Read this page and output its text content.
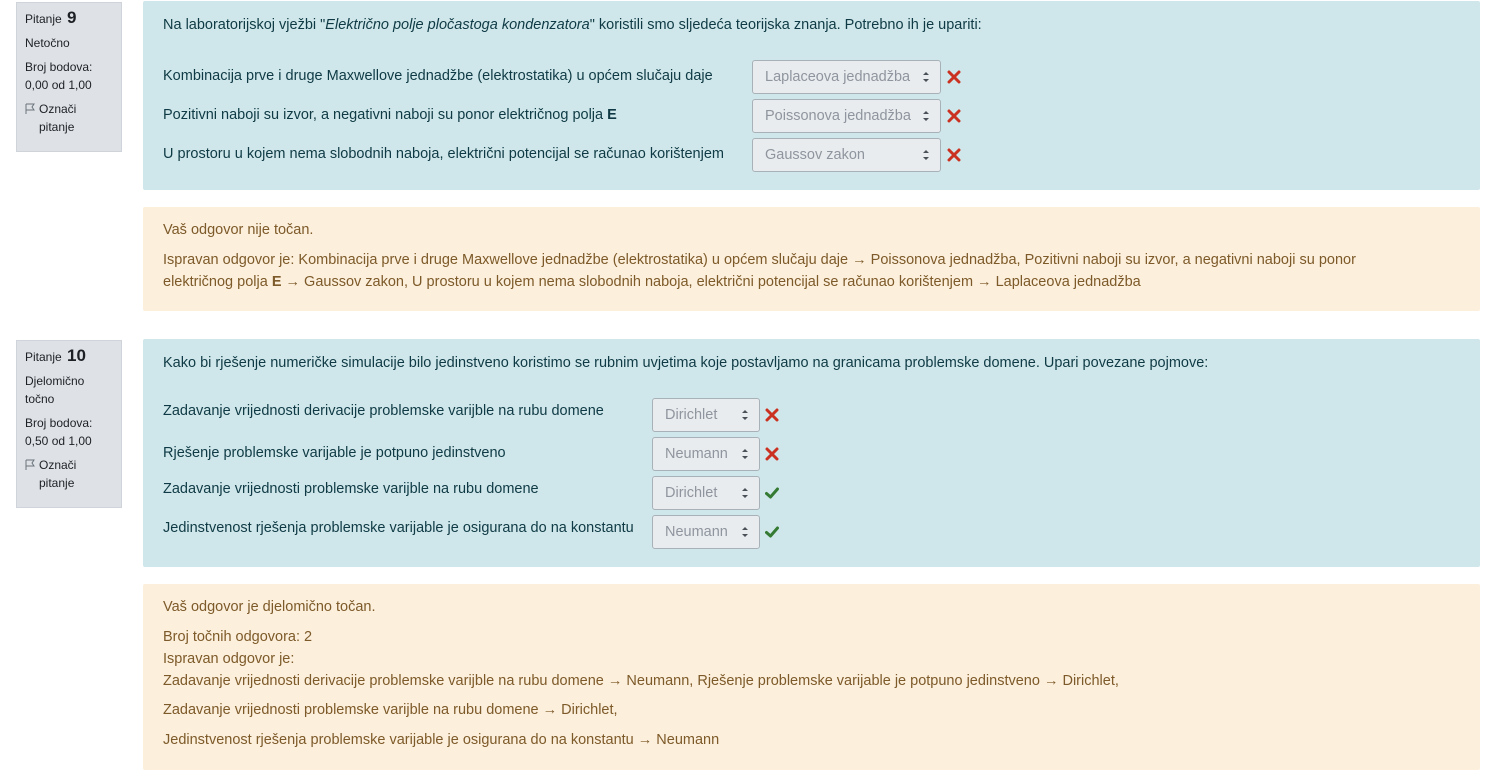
Pitanje 9
Netočno
Broj bodova:
0,00 od 1,00
Označi
pitanje
Na laboratorijskoj vježbi "Električno polje pločastoga kondenzatora" koristili smo sljedeća teorijska znanja. Potrebno ih je upariti:
Kombinacija prve i druge Maxwellove jednadžbe (elektrostatika) u općem slučaju daje	Laplaceova jednadžba
Pozitivni naboji su izvor, a negativni naboji su ponor električnog polja E	Poissonova jednadžba
U prostoru u kojem nema slobodnih naboja, električni potencijal se računao korištenjem	Gaussov zakon
Vaš odgovor nije točan.
Ispravan odgovor je: Kombinacija prve i druge Maxwellove jednadžbe (elektrostatika) u općem slučaju daje → Poissonova jednadžba, Pozitivni naboji su izvor, a negativni naboji su ponor
električnog polja E → Gaussov zakon, U prostoru u kojem nema slobodnih naboja, električni potencijal se računao korištenjem → Laplaceova jednadžba
Pitanje 10
Djelomično
točno
Broj bodova:
0,50 od 1,00
Označi
pitanje
Kako bi rješenje numeričke simulacije bilo jedinstveno koristimo se rubnim uvjetima koje postavljamo na granicama problemske domene. Upari povezane pojmove:
Zadavanje vrijednosti derivacije problemske varijble na rubu domene	Dirichlet
Rješenje problemske varijable je potpuno jedinstveno	Neumann
Zadavanje vrijednosti problemske varijble na rubu domene	Dirichlet
Jedinstvenost rješenja problemske varijable je osigurana do na konstantu	Neumann
Vaš odgovor je djelomično točan.
Broj točnih odgovora: 2
Ispravan odgovor je:
Zadavanje vrijednosti derivacije problemske varijble na rubu domene → Neumann, Rješenje problemske varijable je potpuno jedinstveno → Dirichlet,
Zadavanje vrijednosti problemske varijble na rubu domene → Dirichlet,
Jedinstvenost rješenja problemske varijable je osigurana do na konstantu → Neumann
